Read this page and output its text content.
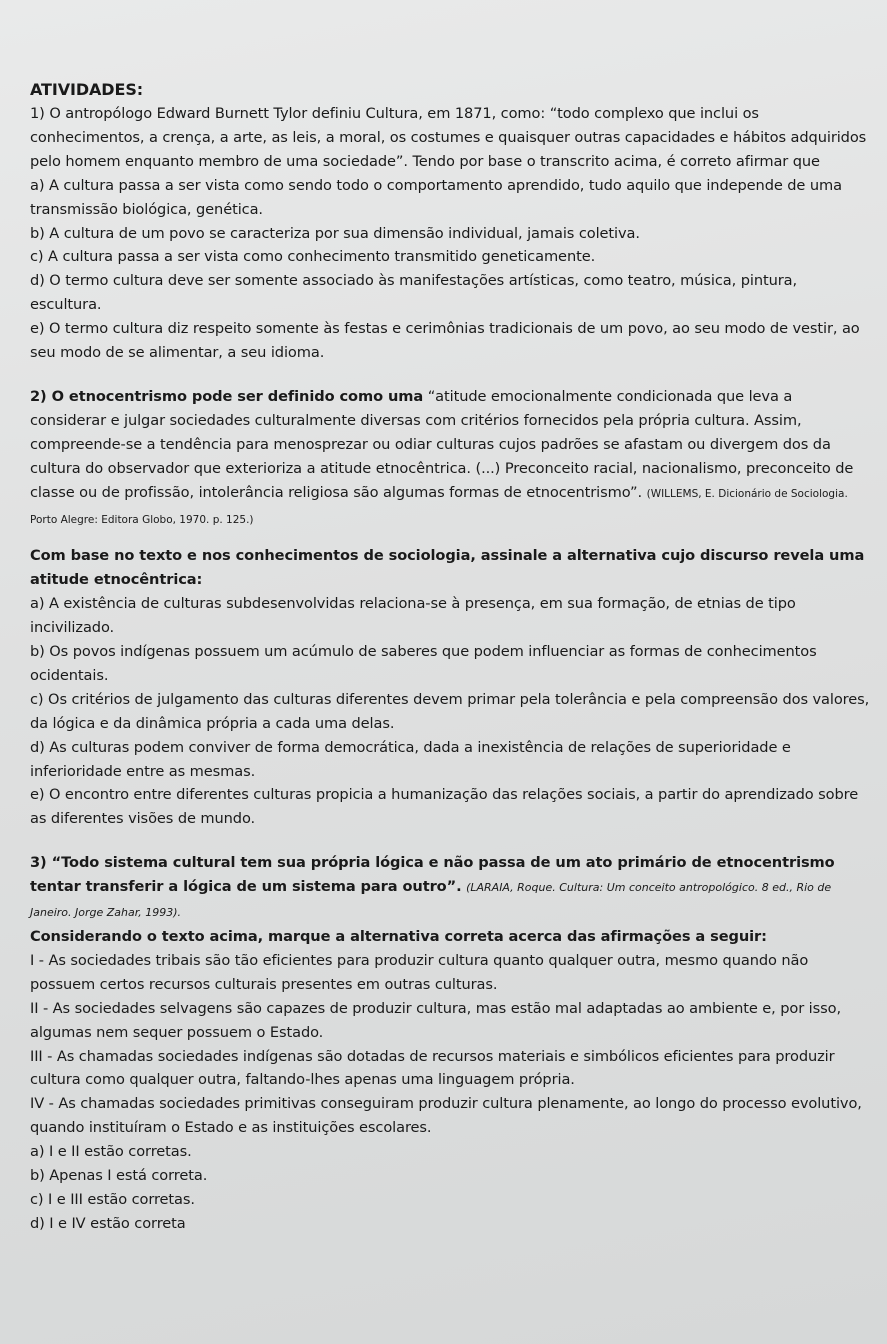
ATIVIDADES:

1) O antropólogo Edward Burnett Tylor definiu Cultura, em 1871, como: “todo complexo que inclui os conhecimentos, a crença, a arte, as leis, a moral, os costumes e quaisquer outras capacidades e hábitos adquiridos pelo homem enquanto membro de uma sociedade”. Tendo por base o transcrito acima, é correto afirmar que

a) A cultura passa a ser vista como sendo todo o comportamento aprendido, tudo aquilo que independe de uma transmissão biológica, genética.

b) A cultura de um povo se caracteriza por sua dimensão individual, jamais coletiva.

c) A cultura passa a ser vista como conhecimento transmitido geneticamente.

d) O termo cultura deve ser somente associado às manifestações artísticas, como teatro, música, pintura, escultura.

e) O termo cultura diz respeito somente às festas e cerimônias tradicionais de um povo, ao seu modo de vestir, ao seu modo de se alimentar, a seu idioma.

2) O etnocentrismo pode ser definido como uma “atitude emocionalmente condicionada que leva a considerar e julgar sociedades culturalmente diversas com critérios fornecidos pela própria cultura. Assim, compreende-se a tendência para menosprezar ou odiar culturas cujos padrões se afastam ou divergem dos da cultura do observador que exterioriza a atitude etnocêntrica. (...) Preconceito racial, nacionalismo, preconceito de classe ou de profissão, intolerância religiosa são algumas formas de etnocentrismo”. (WILLEMS, E. Dicionário de Sociologia. Porto Alegre: Editora Globo, 1970. p. 125.)

Com base no texto e nos conhecimentos de sociologia, assinale a alternativa cujo discurso revela uma atitude etnocêntrica:

a) A existência de culturas subdesenvolvidas relaciona-se à presença, em sua formação, de etnias de tipo incivilizado.

b) Os povos indígenas possuem um acúmulo de saberes que podem influenciar as formas de conhecimentos ocidentais.

c) Os critérios de julgamento das culturas diferentes devem primar pela tolerância e pela compreensão dos valores, da lógica e da dinâmica própria a cada uma delas.

d) As culturas podem conviver de forma democrática, dada a inexistência de relações de superioridade e inferioridade entre as mesmas.

e) O encontro entre diferentes culturas propicia a humanização das relações sociais, a partir do aprendizado sobre as diferentes visões de mundo.

3) “Todo sistema cultural tem sua própria lógica e não passa de um ato primário de etnocentrismo tentar transferir a lógica de um sistema para outro”. (LARAIA, Roque. Cultura: Um conceito antropológico. 8 ed., Rio de Janeiro. Jorge Zahar, 1993).

Considerando o texto acima, marque a alternativa correta acerca das afirmações a seguir:

I - As sociedades tribais são tão eficientes para produzir cultura quanto qualquer outra, mesmo quando não possuem certos recursos culturais presentes em outras culturas.

II - As sociedades selvagens são capazes de produzir cultura, mas estão mal adaptadas ao ambiente e, por isso, algumas nem sequer possuem o Estado.

III - As chamadas sociedades indígenas são dotadas de recursos materiais e simbólicos eficientes para produzir cultura como qualquer outra, faltando-lhes apenas uma linguagem própria.

IV - As chamadas sociedades primitivas conseguiram produzir cultura plenamente, ao longo do processo evolutivo, quando instituíram o Estado e as instituições escolares.

a) I e II estão corretas.

b) Apenas I está correta.

c) I e III estão corretas.

d) I e IV estão correta
